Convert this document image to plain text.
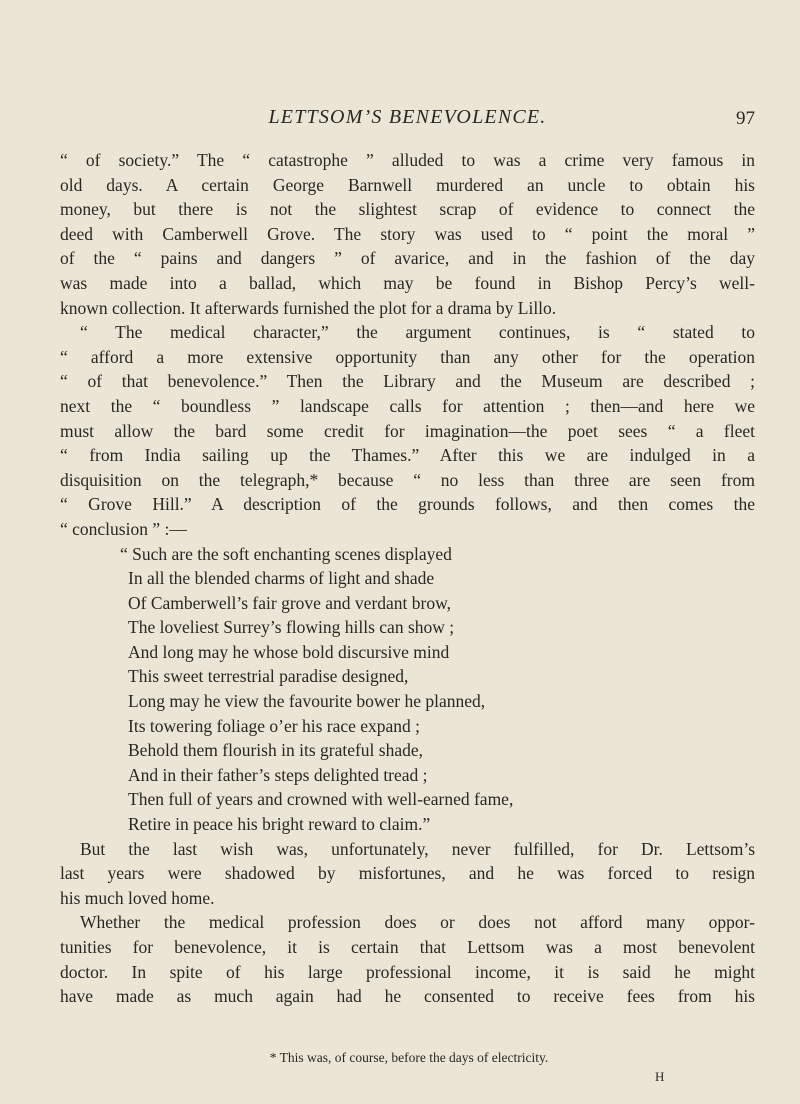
LETTSOM’S BENEVOLENCE.	97
“ of society.” The “ catastrophe ” alluded to was a crime very famous in
old days. A certain George Barnwell murdered an uncle to obtain his
money, but there is not the slightest scrap of evidence to connect the
deed with Camberwell Grove. The story was used to “ point the moral ”
of the “ pains and dangers ” of avarice, and in the fashion of the day
was made into a ballad, which may be found in Bishop Percy’s well-
known collection. It afterwards furnished the plot for a drama by Lillo.
“ The medical character,” the argument continues, is “ stated to
“ afford a more extensive opportunity than any other for the operation
“ of that benevolence.” Then the Library and the Museum are described ;
next the “ boundless ” landscape calls for attention ; then—and here we
must allow the bard some credit for imagination—the poet sees “ a fleet
“ from India sailing up the Thames.” After this we are indulged in a
disquisition on the telegraph,* because “ no less than three are seen from
“ Grove Hill.” A description of the grounds follows, and then comes the
“ conclusion ” :—
“ Such are the soft enchanting scenes displayed
In all the blended charms of light and shade
Of Camberwell’s fair grove and verdant brow,
The loveliest Surrey’s flowing hills can show ;
And long may he whose bold discursive mind
This sweet terrestrial paradise designed,
Long may he view the favourite bower he planned,
Its towering foliage o’er his race expand ;
Behold them flourish in its grateful shade,
And in their father’s steps delighted tread ;
Then full of years and crowned with well-earned fame,
Retire in peace his bright reward to claim.”
But the last wish was, unfortunately, never fulfilled, for Dr. Lettsom’s
last years were shadowed by misfortunes, and he was forced to resign
his much loved home.
Whether the medical profession does or does not afford many oppor-
tunities for benevolence, it is certain that Lettsom was a most benevolent
doctor. In spite of his large professional income, it is said he might
have made as much again had he consented to receive fees from his
* This was, of course, before the days of electricity.
H
